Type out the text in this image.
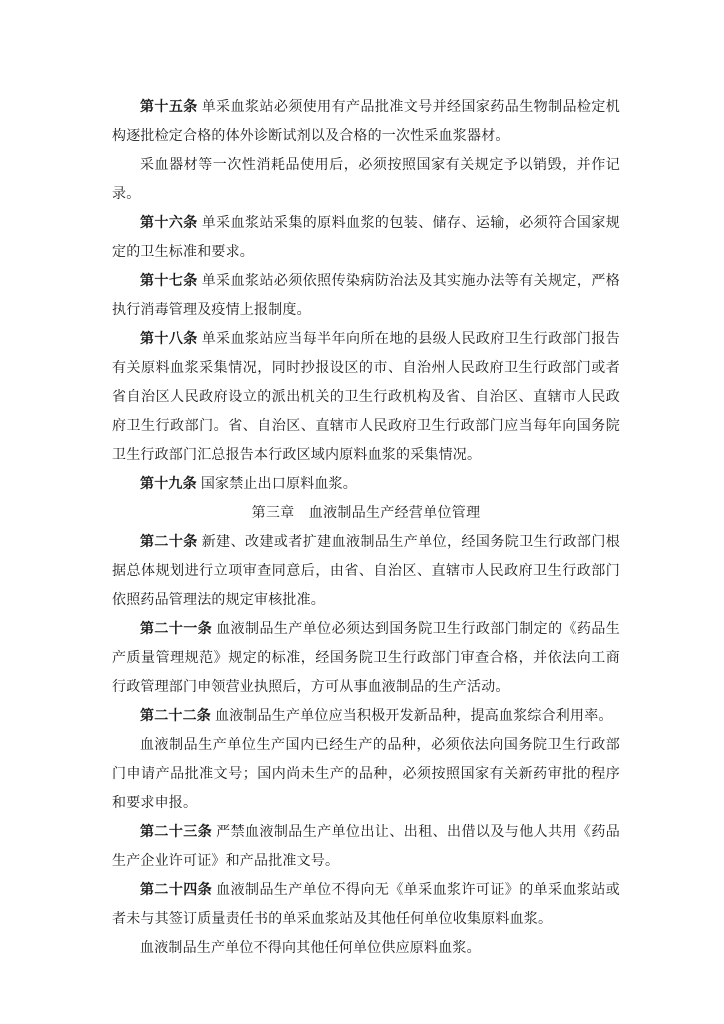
第十五条 单采血浆站必须使用有产品批准文号并经国家药品生物制品检定机构逐批检定合格的体外诊断试剂以及合格的一次性采血浆器材。

采血器材等一次性消耗品使用后，必须按照国家有关规定予以销毁，并作记录。

第十六条 单采血浆站采集的原料血浆的包装、储存、运输，必须符合国家规定的卫生标准和要求。

第十七条 单采血浆站必须依照传染病防治法及其实施办法等有关规定，严格执行消毒管理及疫情上报制度。

第十八条 单采血浆站应当每半年向所在地的县级人民政府卫生行政部门报告有关原料血浆采集情况，同时抄报设区的市、自治州人民政府卫生行政部门或者省自治区人民政府设立的派出机关的卫生行政机构及省、自治区、直辖市人民政府卫生行政部门。省、自治区、直辖市人民政府卫生行政部门应当每年向国务院卫生行政部门汇总报告本行政区域内原料血浆的采集情况。

第十九条 国家禁止出口原料血浆。

第三章　血液制品生产经营单位管理

第二十条 新建、改建或者扩建血液制品生产单位，经国务院卫生行政部门根据总体规划进行立项审查同意后，由省、自治区、直辖市人民政府卫生行政部门依照药品管理法的规定审核批准。

第二十一条 血液制品生产单位必须达到国务院卫生行政部门制定的《药品生产质量管理规范》规定的标准，经国务院卫生行政部门审查合格，并依法向工商行政管理部门申领营业执照后，方可从事血液制品的生产活动。

第二十二条 血液制品生产单位应当积极开发新品种，提高血浆综合利用率。

血液制品生产单位生产国内已经生产的品种，必须依法向国务院卫生行政部门申请产品批准文号；国内尚未生产的品种，必须按照国家有关新药审批的程序和要求申报。

第二十三条 严禁血液制品生产单位出让、出租、出借以及与他人共用《药品生产企业许可证》和产品批准文号。

第二十四条 血液制品生产单位不得向无《单采血浆许可证》的单采血浆站或者未与其签订质量责任书的单采血浆站及其他任何单位收集原料血浆。

血液制品生产单位不得向其他任何单位供应原料血浆。
